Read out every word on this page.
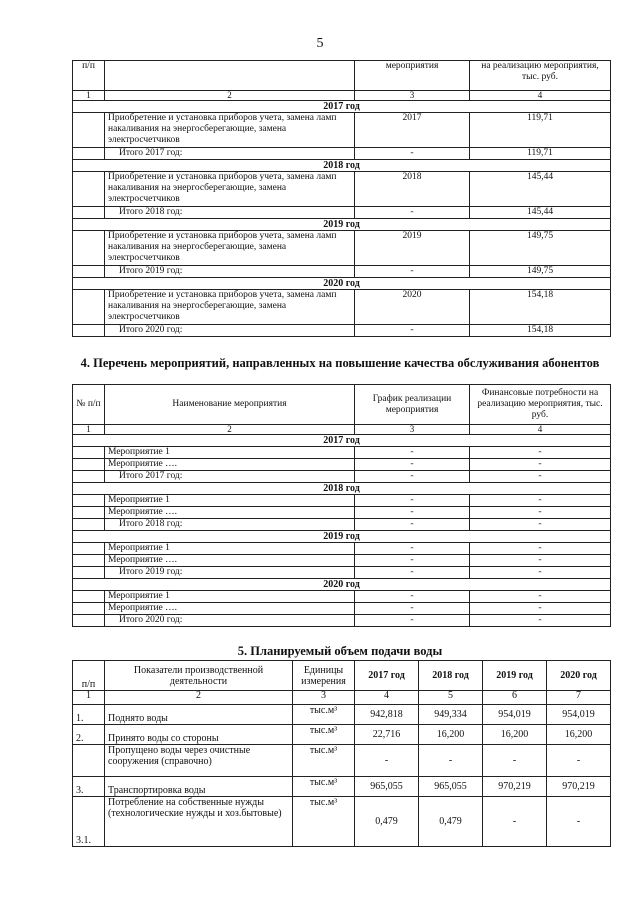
5
п/п		мероприятия	на реализацию мероприятия, тыс. руб.
1	2	3	4
2017 год			
	Приобретение и установка приборов учета, замена ламп накаливания на энергосберегающие, замена электросчетчиков	2017	119,71
	Итого 2017 год:	-	119,71
2018 год			
	Приобретение и установка приборов учета, замена ламп накаливания на энергосберегающие, замена электросчетчиков	2018	145,44
	Итого 2018 год:	-	145,44
2019 год			
	Приобретение и установка приборов учета, замена ламп накаливания на энергосберегающие, замена электросчетчиков	2019	149,75
	Итого 2019 год:	-	149,75
2020 год			
	Приобретение и установка приборов учета, замена ламп накаливания на энергосберегающие, замена электросчетчиков	2020	154,18
	Итого 2020 год:	-	154,18
4. Перечень мероприятий, направленных на повышение качества обслуживания абонентов
№ п/п	Наименование мероприятия	График реализации мероприятия	Финансовые потребности на реализацию мероприятия, тыс. руб.
1	2	3	4
2017 год			
	Мероприятие 1	-	-
	Мероприятие ….	-	-
	Итого 2017 год:	-	-
2018 год			
	Мероприятие 1	-	-
	Мероприятие ….	-	-
	Итого 2018 год:	-	-
2019 год			
	Мероприятие 1	-	-
	Мероприятие ….	-	-
	Итого 2019 год:	-	-
2020 год			
	Мероприятие 1	-	-
	Мероприятие ….	-	-
	Итого 2020 год:	-	-
5. Планируемый объем подачи воды
п/п	Показатели производственной деятельности	Единицы измерения	2017 год	2018 год	2019 год	2020 год
1	2	3	4	5	6	7
1.	Поднято воды	тыс.м³	942,818	949,334	954,019	954,019
2.	Принято воды со стороны	тыс.м³	22,716	16,200	16,200	16,200
	Пропущено воды через очистные сооружения (справочно)	тыс.м³	-	-	-	-
3.	Транспортировка воды	тыс.м³	965,055	965,055	970,219	970,219
3.1.	Потребление на собственные нужды (технологические нужды и хоз.бытовые)	тыс.м³	0,479	0,479	-	-
